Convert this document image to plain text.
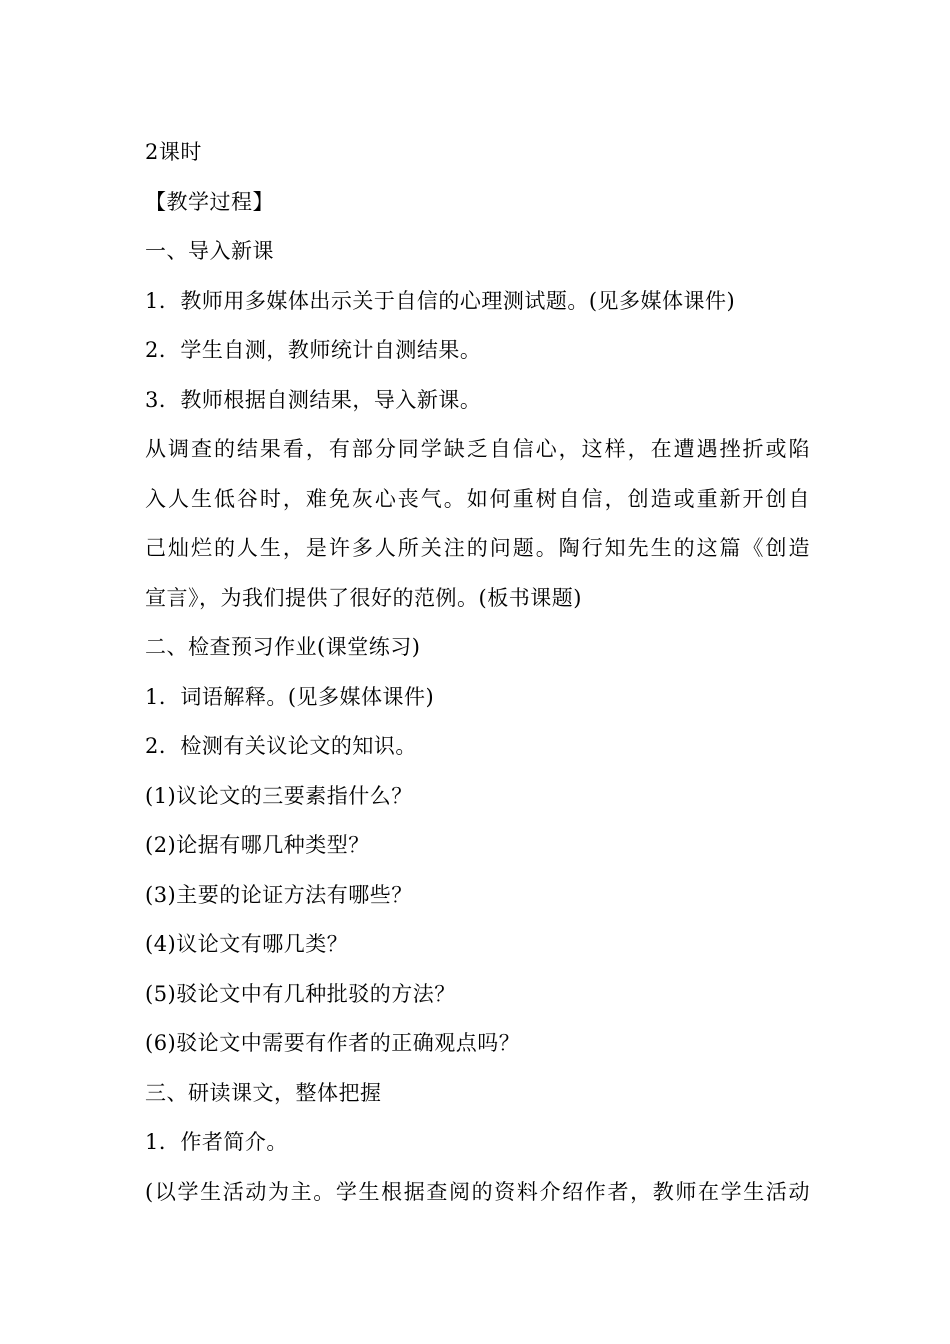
2课时
【教学过程】
一、导入新课
1．教师用多媒体出示关于自信的心理测试题。(见多媒体课件)
2．学生自测，教师统计自测结果。
3．教师根据自测结果，导入新课。
从调查的结果看，有部分同学缺乏自信心，这样，在遭遇挫折或陷
入人生低谷时，难免灰心丧气。如何重树自信，创造或重新开创自
己灿烂的人生，是许多人所关注的问题。陶行知先生的这篇《创造
宣言》，为我们提供了很好的范例。(板书课题)
二、检查预习作业(课堂练习)
1．词语解释。(见多媒体课件)
2．检测有关议论文的知识。
(1)议论文的三要素指什么？
(2)论据有哪几种类型？
(3)主要的论证方法有哪些？
(4)议论文有哪几类？
(5)驳论文中有几种批驳的方法？
(6)驳论文中需要有作者的正确观点吗？
三、研读课文，整体把握
1．作者简介。
(以学生活动为主。学生根据查阅的资料介绍作者，教师在学生活动
